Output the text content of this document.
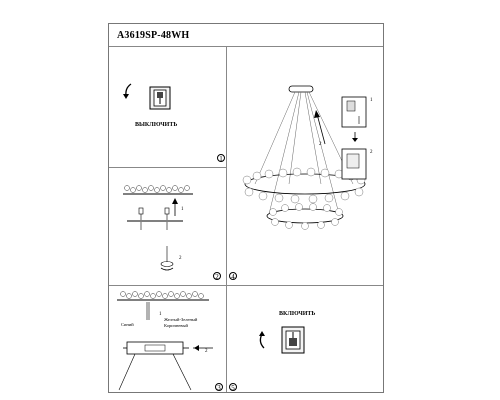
A3619SP-48WH
ВЫКЛЮЧИТЬ
1
1
2
2
2
1
2
4
1
Желтый-Зеленый
Синий	Коричневый
2
3
ВКЛЮЧИТЬ
5
